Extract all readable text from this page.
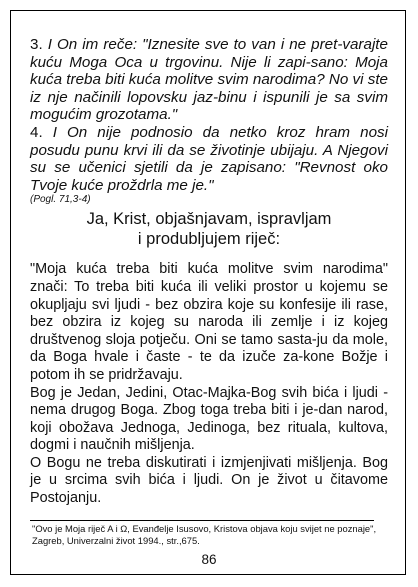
3. I On im reče: "Iznesite sve to van i ne pret-varajte kuću Moga Oca u trgovinu. Nije li zapi-sano: Moja kuća treba biti kuća molitve svim narodima? No vi ste iz nje načinili lopovsku jaz-binu i ispunili je sa svim mogućim grozotama."

4. I On nije podnosio da netko kroz hram nosi posudu punu krvi ili da se životinje ubijaju. A Njegovi su se učenici sjetili da je zapisano: "Revnost oko Tvoje kuće proždrla me je."

(Pogl. 71,3-4)

Ja, Krist, objašnjavam, ispravljam
i produbljujem riječ:

"Moja kuća treba biti kuća molitve svim narodima" znači: To treba biti kuća ili veliki prostor u kojemu se okupljaju svi ljudi - bez obzira koje su konfesije ili rase, bez obzira iz kojeg su naroda ili zemlje i iz kojeg društvenog sloja potječu. Oni se tamo sasta-ju da mole, da Boga hvale i časte - te da izuče za-kone Božje i potom ih se pridržavaju.

Bog je Jedan, Jedini, Otac-Majka-Bog svih bića i ljudi - nema drugog Boga. Zbog toga treba biti i je-dan narod, koji obožava Jednoga, Jedinoga, bez rituala, kultova, dogmi i naučnih mišljenja.

O Bogu ne treba diskutirati i izmjenjivati mišljenja. Bog je u srcima svih bića i ljudi. On je život u čitavome Postojanju.

"Ovo je Moja riječ A i Ω, Evanđelje Isusovo, Kristova objava koju svijet ne poznaje", Zagreb, Univerzalni život 1994., str.,675.
86
